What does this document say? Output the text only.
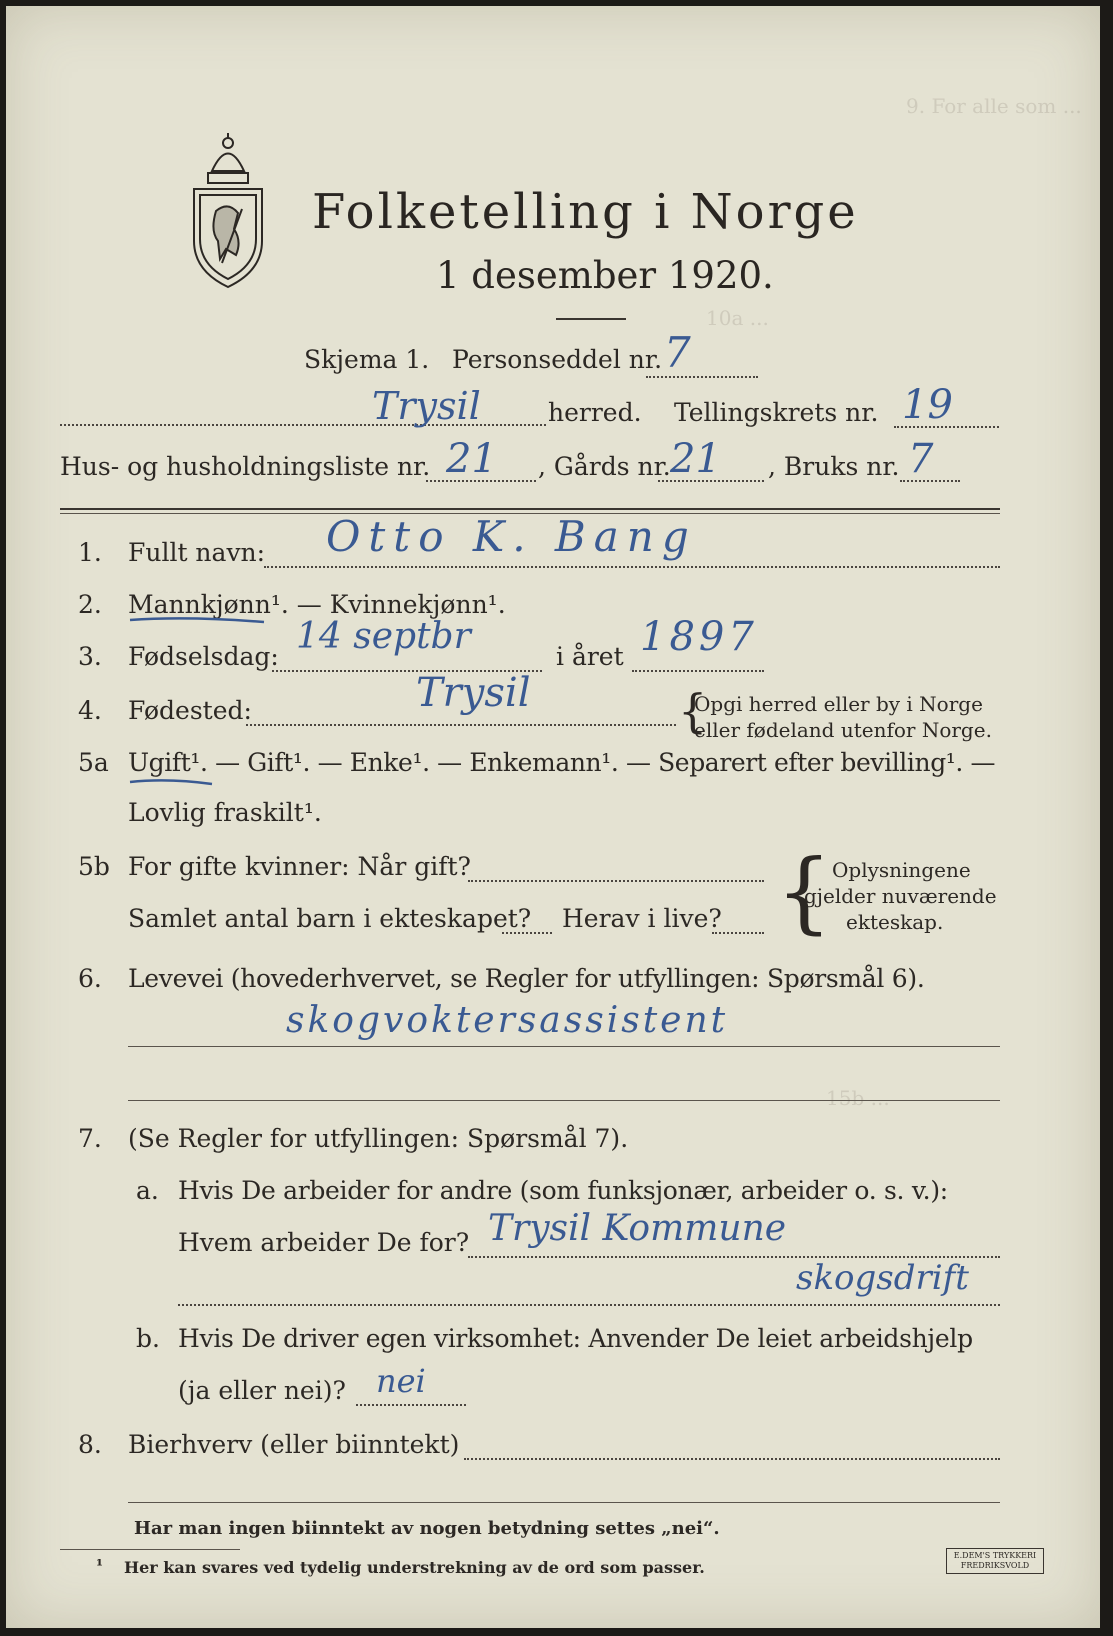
9. For alle som ...
10a ...
15b ...
Folketelling i Norge
1 desember 1920.
Skjema 1. Personseddel nr. 7
Trysil	herred. Tellingskrets nr. 19
Hus- og husholdningsliste nr. 21 , Gårds nr. 21 , Bruks nr. 7
1. Fullt navn: Otto K. Bang
2. Mannkjønn¹. — Kvinnekjønn¹.
3. Fødselsdag: 14 septbr	i året 1897
4. Fødested:	Trysil	{
Opgi herred eller by i Norge
eller fødeland utenfor Norge.
5a Ugift¹. — Gift¹. — Enke¹. — Enkemann¹. — Separert efter bevilling¹. —
Lovlig fraskilt¹.
5b For gifte kvinner: Når gift?
Samlet antal barn i ekteskapet? Herav i live? { Oplysningene
gjelder nuværende
ekteskap.
6. Levevei (hovederhvervet, se Regler for utfyllingen: Spørsmål 6).
skogvoktersassistent
7. (Se Regler for utfyllingen: Spørsmål 7).
a. Hvis De arbeider for andre (som funksjonær, arbeider o. s. v.):
Hvem arbeider De for? Trysil Kommune
skogsdrift
b. Hvis De driver egen virksomhet: Anvender De leiet arbeidshjelp
(ja eller nei)? nei
8. Bierhverv (eller biinntekt)
Har man ingen biinntekt av nogen betydning settes „nei“.
¹ Her kan svares ved tydelig understrekning av de ord som passer.
E.DEM'S TRYKKERI FREDRIKSVOLD
